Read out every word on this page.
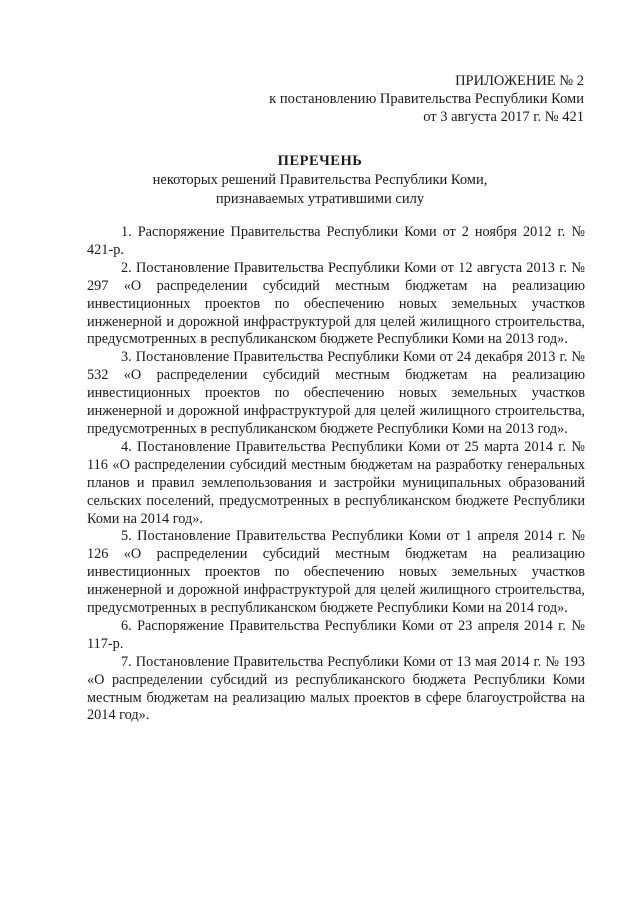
ПРИЛОЖЕНИЕ № 2
к постановлению Правительства Республики Коми
от 3 августа 2017 г. № 421
ПЕРЕЧЕНЬ
некоторых решений Правительства Республики Коми,
признаваемых утратившими силу

1. Распоряжение Правительства Республики Коми от 2 ноября 2012 г. № 421-р.

2. Постановление Правительства Республики Коми от 12 августа 2013 г. № 297 «О распределении субсидий местным бюджетам на реализацию инвестиционных проектов по обеспечению новых земельных участков инженерной и дорожной инфраструктурой для целей жилищного строительства, предусмотренных в республиканском бюджете Республики Коми на 2013 год».

3. Постановление Правительства Республики Коми от 24 декабря 2013 г. № 532 «О распределении субсидий местным бюджетам на реализацию инвестиционных проектов по обеспечению новых земельных участков инженерной и дорожной инфраструктурой для целей жилищного строительства, предусмотренных в республиканском бюджете Республики Коми на 2013 год».

4. Постановление Правительства Республики Коми от 25 марта 2014 г. № 116 «О распределении субсидий местным бюджетам на разработку генеральных планов и правил землепользования и застройки муниципальных образований сельских поселений, предусмотренных в республиканском бюджете Республики Коми на 2014 год».

5. Постановление Правительства Республики Коми от 1 апреля 2014 г. № 126 «О распределении субсидий местным бюджетам на реализацию инвестиционных проектов по обеспечению новых земельных участков инженерной и дорожной инфраструктурой для целей жилищного строительства, предусмотренных в республиканском бюджете Республики Коми на 2014 год».

6. Распоряжение Правительства Республики Коми от 23 апреля 2014 г. № 117-р.

7. Постановление Правительства Республики Коми от 13 мая 2014 г. № 193 «О распределении субсидий из республиканского бюджета Республики Коми местным бюджетам на реализацию малых проектов в сфере благоустройства на 2014 год».
